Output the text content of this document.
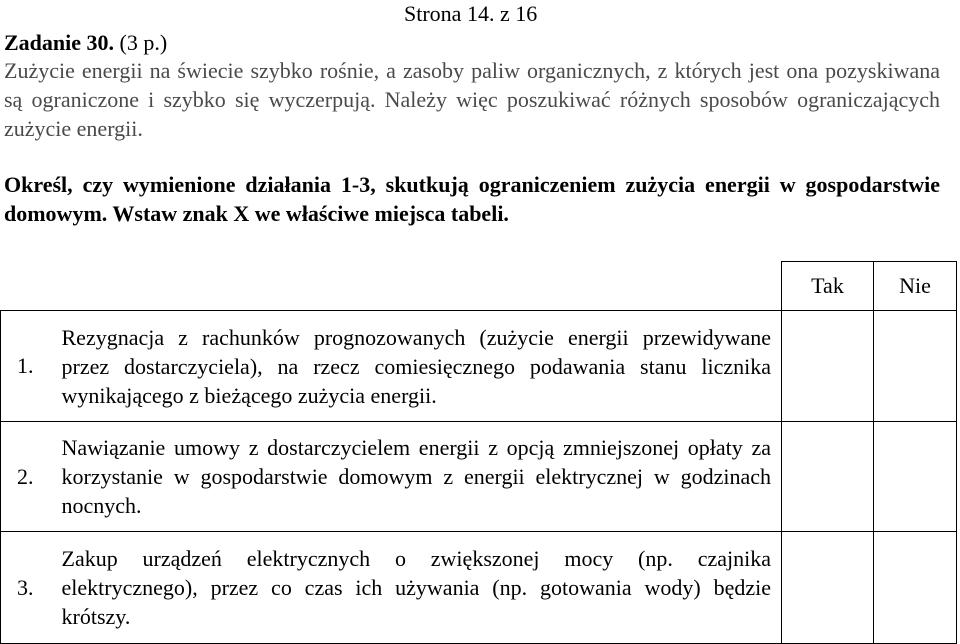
Strona 14. z 16
Zadanie 30. (3 p.)
Zużycie energii na świecie szybko rośnie, a zasoby paliw organicznych, z których jest ona pozyskiwana są ograniczone i szybko się wyczerpują. Należy więc poszukiwać różnych sposobów ograniczających zużycie energii.
Określ, czy wymienione działania 1-3, skutkują ograniczeniem zużycia energii w gospodarstwie domowym. Wstaw znak X we właściwe miejsca tabeli.
		Tak	Nie
1.	Rezygnacja z rachunków prognozowanych (zużycie energii przewidywane przez dostarczyciela), na rzecz comiesięcznego podawania stanu licznika wynikającego z bieżącego zużycia energii.		
2.	Nawiązanie umowy z dostarczycielem energii z opcją zmniejszonej opłaty za korzystanie w gospodarstwie domowym z energii elektrycznej w godzinach nocnych.		
3.	Zakup urządzeń elektrycznych o zwiększonej mocy (np. czajnika elektrycznego), przez co czas ich używania (np. gotowania wody) będzie krótszy.		
